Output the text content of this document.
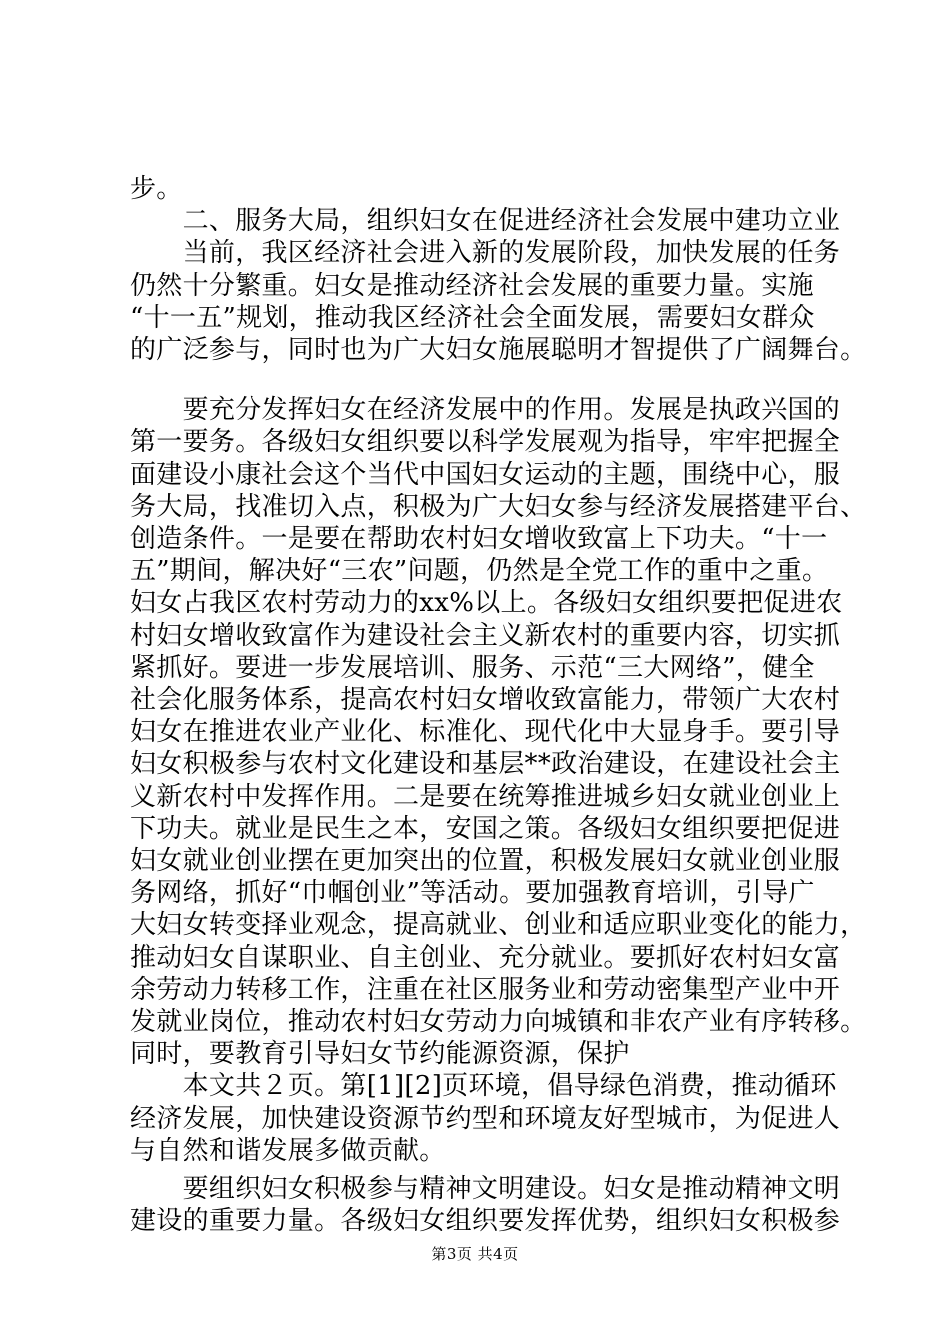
步。

　　二、服务大局，组织妇女在促进经济社会发展中建功立业

　　当前，我区经济社会进入新的发展阶段，加快发展的任务

仍然十分繁重。妇女是推动经济社会发展的重要力量。实施

“十一五”规划，推动我区经济社会全面发展，需要妇女群众

的广泛参与，同时也为广大妇女施展聪明才智提供了广阔舞台。

　　要充分发挥妇女在经济发展中的作用。发展是执政兴国的

第一要务。各级妇女组织要以科学发展观为指导，牢牢把握全

面建设小康社会这个当代中国妇女运动的主题，围绕中心，服

务大局，找准切入点，积极为广大妇女参与经济发展搭建平台、

创造条件。一是要在帮助农村妇女增收致富上下功夫。“十一

五”期间，解决好“三农”问题，仍然是全党工作的重中之重。

妇女占我区农村劳动力的xx%以上。各级妇女组织要把促进农

村妇女增收致富作为建设社会主义新农村的重要内容，切实抓

紧抓好。要进一步发展培训、服务、示范“三大网络”，健全

社会化服务体系，提高农村妇女增收致富能力，带领广大农村

妇女在推进农业产业化、标准化、现代化中大显身手。要引导

妇女积极参与农村文化建设和基层**政治建设，在建设社会主

义新农村中发挥作用。二是要在统筹推进城乡妇女就业创业上

下功夫。就业是民生之本，安国之策。各级妇女组织要把促进

妇女就业创业摆在更加突出的位置，积极发展妇女就业创业服

务网络，抓好“巾帼创业”等活动。要加强教育培训，引导广

大妇女转变择业观念，提高就业、创业和适应职业变化的能力，

推动妇女自谋职业、自主创业、充分就业。要抓好农村妇女富

余劳动力转移工作，注重在社区服务业和劳动密集型产业中开

发就业岗位，推动农村妇女劳动力向城镇和非农产业有序转移。

同时，要教育引导妇女节约能源资源，保护

　　本文共２页。第[1][2]页环境，倡导绿色消费，推动循环

经济发展，加快建设资源节约型和环境友好型城市，为促进人

与自然和谐发展多做贡献。

　　要组织妇女积极参与精神文明建设。妇女是推动精神文明

建设的重要力量。各级妇女组织要发挥优势，组织妇女积极参

第3页 共4页
